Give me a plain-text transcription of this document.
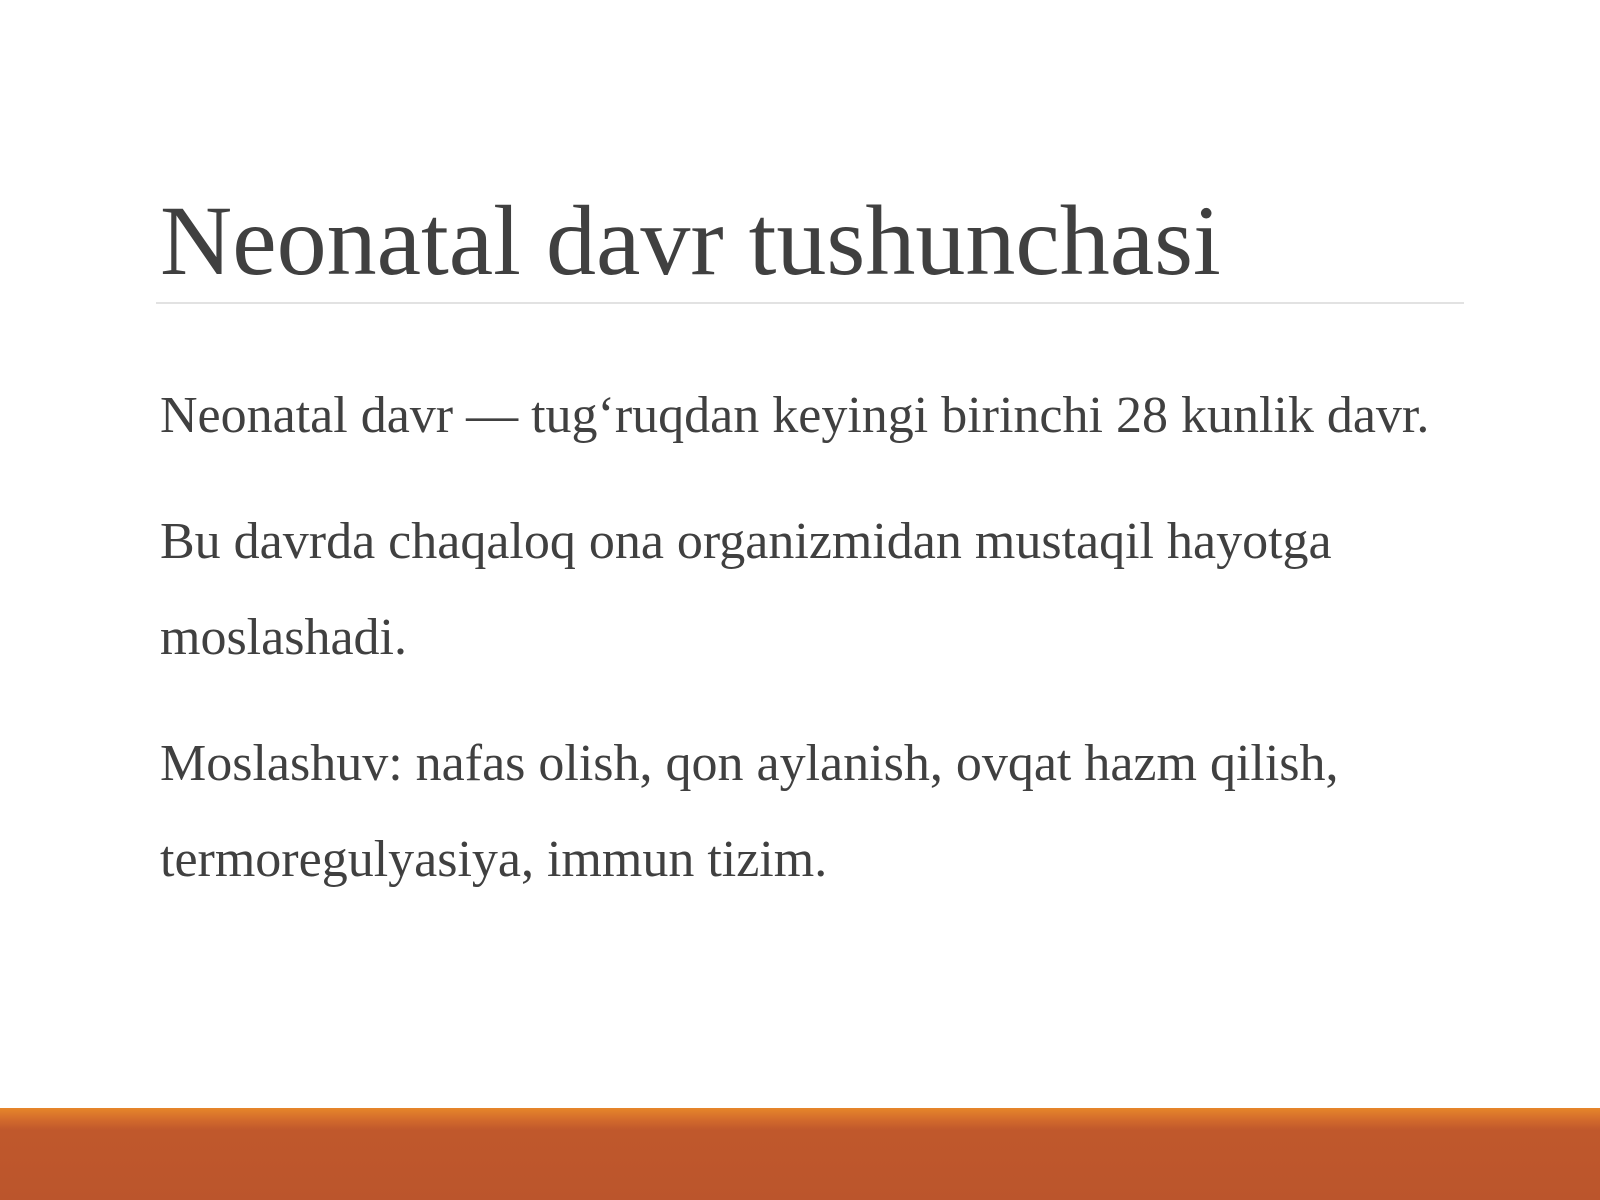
Neonatal davr tushunchasi

Neonatal davr — tug‘ruqdan keyingi birinchi 28 kunlik davr.

Bu davrda chaqaloq ona organizmidan mustaqil hayotga moslashadi.

Moslashuv: nafas olish, qon aylanish, ovqat hazm qilish, termoregulyasiya, immun tizim.
